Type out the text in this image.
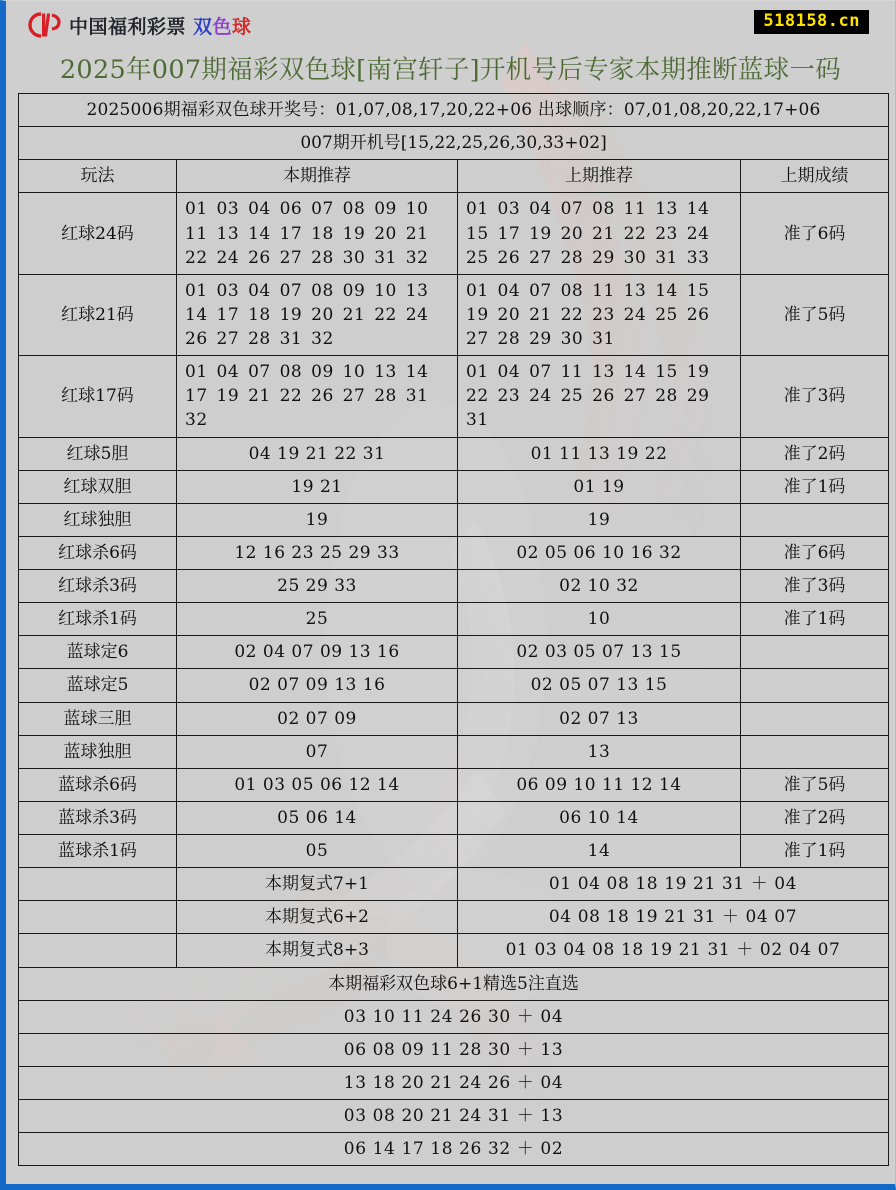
中国福利彩票 双色球	518158.cn
2025年007期福彩双色球[南宫轩子]开机号后专家本期推断蓝球一码
2025006期福彩双色球开奖号：01,07,08,17,20,22+06 出球顺序：07,01,08,20,22,17+06			
007期开机号[15,22,25,26,30,33+02]			
玩法	本期推荐	上期推荐	上期成绩
红球24码	01 03 04 06 07 08 09 10 11 13 14 17 18 19 20 21 22 24 26 27 28 30 31 32	01 03 04 07 08 11 13 14 15 17 19 20 21 22 23 24 25 26 27 28 29 30 31 33	准了6码
红球21码	01 03 04 07 08 09 10 13 14 17 18 19 20 21 22 24 26 27 28 31 32	01 04 07 08 11 13 14 15 19 20 21 22 23 24 25 26 27 28 29 30 31	准了5码
红球17码	01 04 07 08 09 10 13 14 17 19 21 22 26 27 28 31 32	01 04 07 11 13 14 15 19 22 23 24 25 26 27 28 29 31	准了3码
红球5胆	04 19 21 22 31	01 11 13 19 22	准了2码
红球双胆	19 21	01 19	准了1码
红球独胆	19	19	
红球杀6码	12 16 23 25 29 33	02 05 06 10 16 32	准了6码
红球杀3码	25 29 33	02 10 32	准了3码
红球杀1码	25	10	准了1码
蓝球定6	02 04 07 09 13 16	02 03 05 07 13 15	
蓝球定5	02 07 09 13 16	02 05 07 13 15	
蓝球三胆	02 07 09	02 07 13	
蓝球独胆	07	13	
蓝球杀6码	01 03 05 06 12 14	06 09 10 11 12 14	准了5码
蓝球杀3码	05 06 14	06 10 14	准了2码
蓝球杀1码	05	14	准了1码
	本期复式7+1	01 04 08 18 19 21 31 ＋ 04	
	本期复式6+2	04 08 18 19 21 31 ＋ 04 07	
	本期复式8+3	01 03 04 08 18 19 21 31 ＋ 02 04 07	
本期福彩双色球6+1精选5注直选			
03 10 11 24 26 30 ＋ 04			
06 08 09 11 28 30 ＋ 13			
13 18 20 21 24 26 ＋ 04			
03 08 20 21 24 31 ＋ 13			
06 14 17 18 26 32 ＋ 02			
